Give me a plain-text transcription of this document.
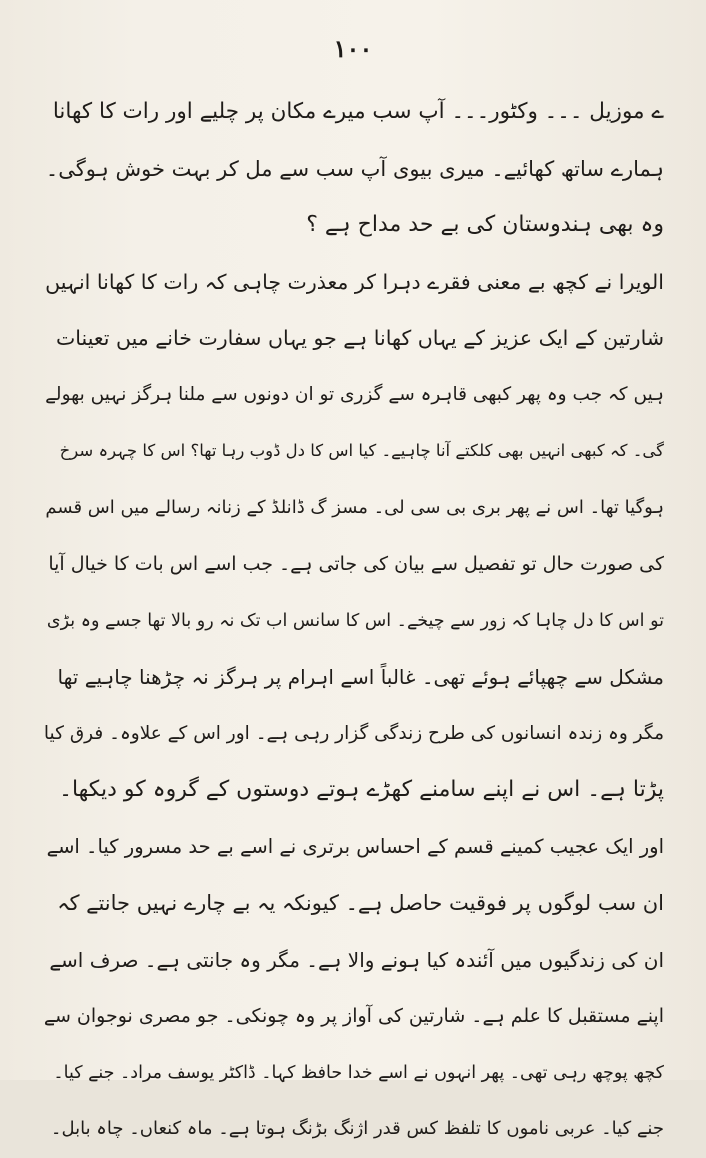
۱۰۰
ے موزیل ۔۔۔ وکٹور۔۔۔ آپ سب میرے مکان پر چلیے اور رات کا کھانا
ہمارے ساتھ کھائیے۔ میری بیوی آپ سب سے مل کر بہت خوش ہوگی۔
وہ بھی ہندوستان کی بے حد مداح ہے ؟
الویرا نے کچھ بے معنی فقرے دہرا کر معذرت چاہی کہ رات کا کھانا انہیں
شارتین کے ایک عزیز کے یہاں کھانا ہے جو یہاں سفارت خانے میں تعینات
ہیں کہ جب وہ پھر کبھی قاہرہ سے گزری تو ان دونوں سے ملنا ہرگز نہیں بھولے
گی۔ کہ کبھی انہیں بھی کلکتے آنا چاہیے۔ کیا اس کا دل ڈوب رہا تھا؟ اس کا چہرہ سرخ
ہوگیا تھا۔ اس نے پھر بری بی سی لی۔ مسز گ ڈانلڈ کے زنانہ رسالے میں اس قسم
کی صورت حال تو تفصیل سے بیان کی جاتی ہے۔ جب اسے اس بات کا خیال آیا
تو اس کا دل چاہا کہ زور سے چیخے۔ اس کا سانس اب تک نہ رو بالا تھا جسے وہ بڑی
مشکل سے چھپائے ہوئے تھی۔ غالباً اسے اہرام پر ہرگز نہ چڑھنا چاہیے تھا
مگر وہ زندہ انسانوں کی طرح زندگی گزار رہی ہے۔ اور اس کے علاوہ۔ فرق کیا
پڑتا ہے۔ اس نے اپنے سامنے کھڑے ہوتے دوستوں کے گروہ کو دیکھا۔
اور ایک عجیب کمینے قسم کے احساس برتری نے اسے بے حد مسرور کیا۔ اسے
ان سب لوگوں پر فوقیت حاصل ہے۔ کیونکہ یہ بے چارے نہیں جانتے کہ
ان کی زندگیوں میں آئندہ کیا ہونے والا ہے۔ مگر وہ جانتی ہے۔ صرف اسے
اپنے مستقبل کا علم ہے۔ شارتین کی آواز پر وہ چونکی۔ جو مصری نوجوان سے
کچھ پوچھ رہی تھی۔ پھر انہوں نے اسے خدا حافظ کہا۔ ڈاکٹر یوسف مراد۔ جنے کیا۔
جنے کیا۔ عربی ناموں کا تلفظ کس قدر اژنگ بڑنگ ہوتا ہے۔ ماہ کنعاں۔ چاہ بابل۔
